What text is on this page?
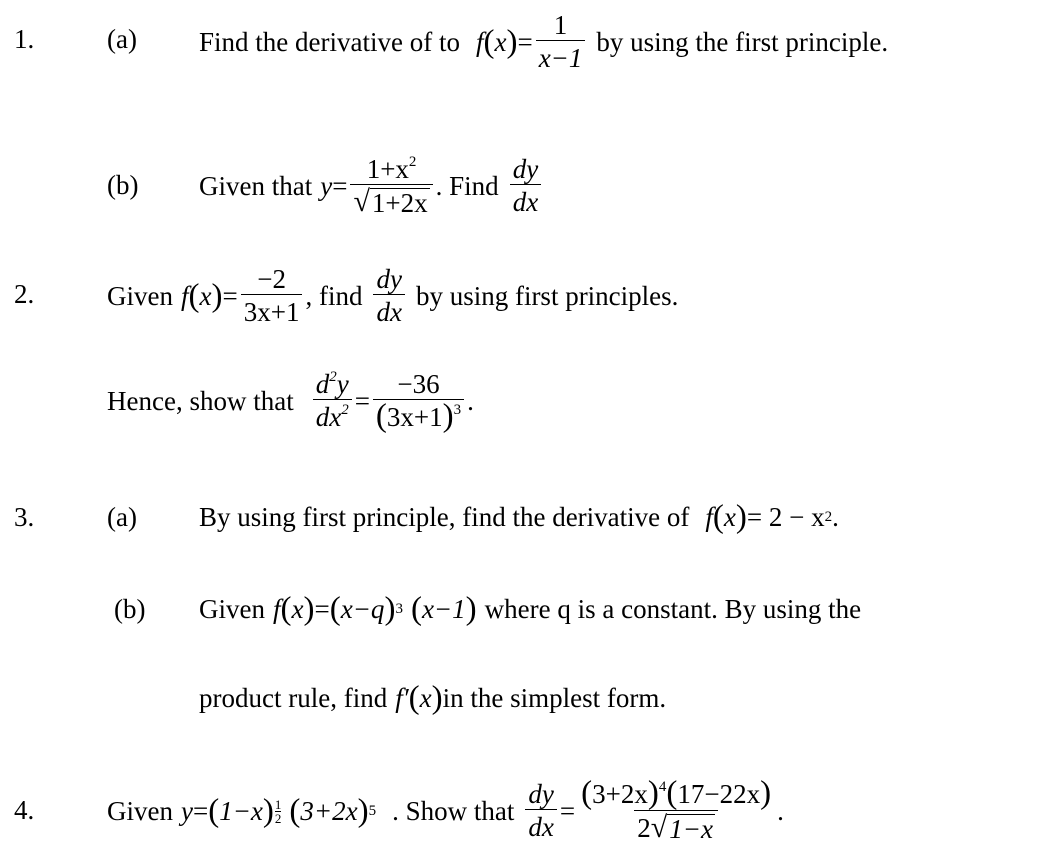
1.	(a) Find the derivative of to f ( x ) = $\frac{1}{x-1}$ by using the first principle.
(b) Given that $y = \frac{1+x^2}{√ 1+2x}$ . Find $\frac{dy}{dx}$
2.	Given f ( x ) = $\frac{-2}{3x+1}$ , find $\frac{dy}{dx}$ by using first principles.
Hence, show that $\frac{d^2y}{dx^2} = \frac{-36}{(3x+1)^3}$ .
3.	(a) By using first principle, find the derivative of f ( x ) = 2 − x 2 .
(b) Given f ( x ) = ( x−q ) 3 ( x−1 ) where q is a constant. By using the
product rule, find f′ ( x ) in the simplest form.
4.	Given y = ( 1−x ) 1
2 ( 3+2x ) 5 . Show that $\frac{dy}{dx} = \frac{(3+2x)^4(17-22x)}{2 √ 1-x}$ .
